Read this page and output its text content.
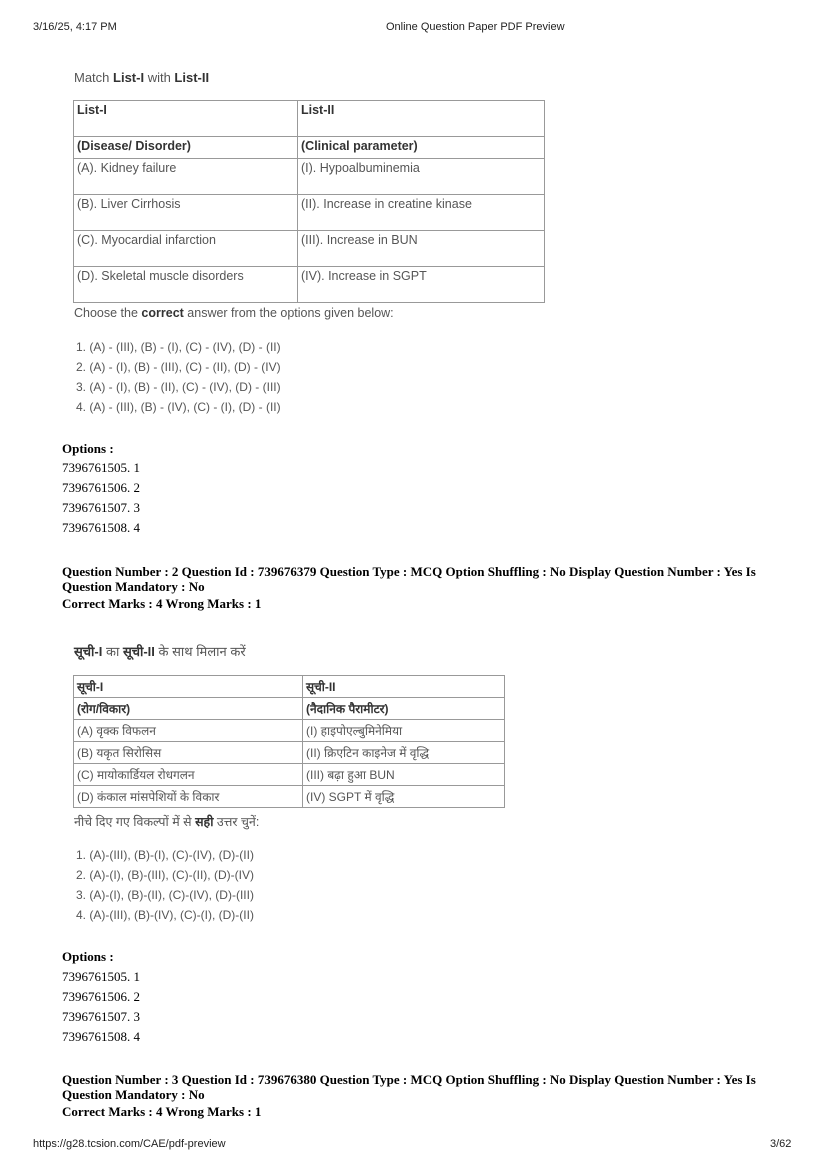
3/16/25, 4:17 PM	Online Question Paper PDF Preview
Match List-I with List-II
List-I	List-II
(Disease/ Disorder)	(Clinical parameter)
(A). Kidney failure	(I). Hypoalbuminemia
(B). Liver Cirrhosis	(II). Increase in creatine kinase
(C). Myocardial infarction	(III). Increase in BUN
(D). Skeletal muscle disorders	(IV). Increase in SGPT
Choose the correct answer from the options given below:
1. (A) - (III), (B) - (I), (C) - (IV), (D) - (II)
2. (A) - (I), (B) - (III), (C) - (II), (D) - (IV)
3. (A) - (I), (B) - (II), (C) - (IV), (D) - (III)
4. (A) - (III), (B) - (IV), (C) - (I), (D) - (II)
Options :
7396761505. 1
7396761506. 2
7396761507. 3
7396761508. 4
Question Number : 2 Question Id : 739676379 Question Type : MCQ Option Shuffling : No Display Question Number : Yes Is
Question Mandatory : No
Correct Marks : 4 Wrong Marks : 1
सूची-I का सूची-II के साथ मिलान करें
सूची-I	सूची-II
(रोग/विकार)	(नैदानिक पैरामीटर)
(A) वृक्क विफलन	(I) हाइपोएल्बुमिनेमिया
(B) यकृत सिरोसिस	(II) क्रिएटिन काइनेज में वृद्धि
(C) मायोकार्डियल रोधगलन	(III) बढ़ा हुआ BUN
(D) कंकाल मांसपेशियों के विकार	(IV) SGPT में वृद्धि
नीचे दिए गए विकल्पों में से सही उत्तर चुनें:
1. (A)-(III), (B)-(I), (C)-(IV), (D)-(II)
2. (A)-(I), (B)-(III), (C)-(II), (D)-(IV)
3. (A)-(I), (B)-(II), (C)-(IV), (D)-(III)
4. (A)-(III), (B)-(IV), (C)-(I), (D)-(II)
Options :
7396761505. 1
7396761506. 2
7396761507. 3
7396761508. 4
Question Number : 3 Question Id : 739676380 Question Type : MCQ Option Shuffling : No Display Question Number : Yes Is
Question Mandatory : No
Correct Marks : 4 Wrong Marks : 1
https://g28.tcsion.com/CAE/pdf-preview	3/62
